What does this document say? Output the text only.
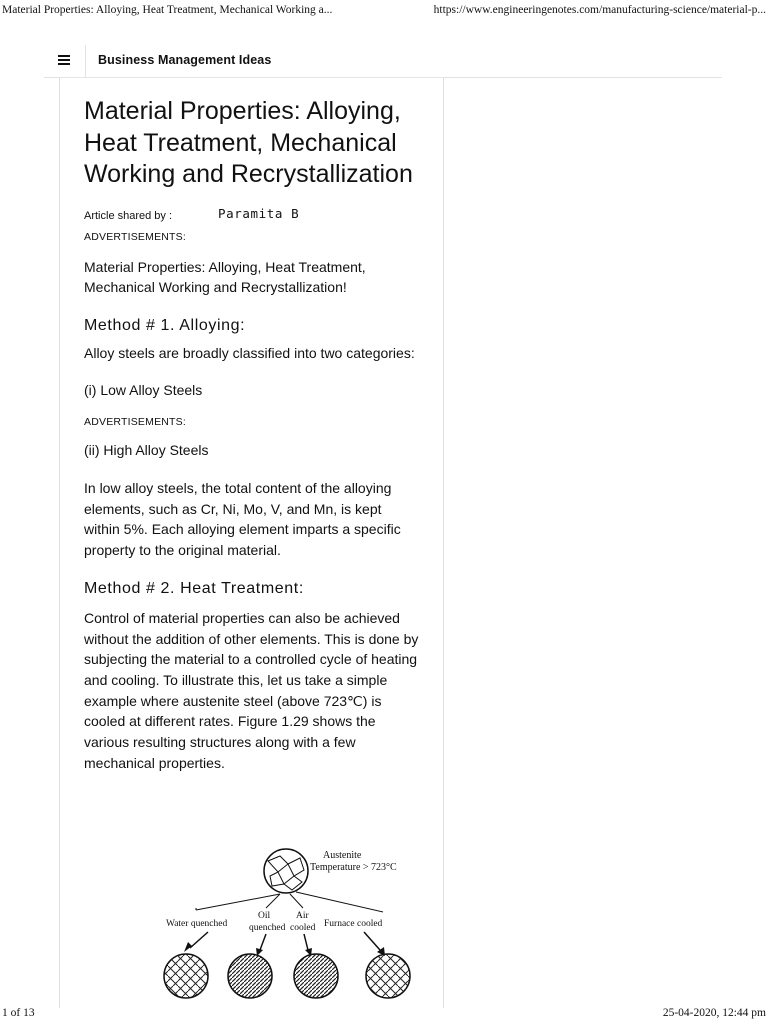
Material Properties: Alloying, Heat Treatment, Mechanical Working a...	https://www.engineeringenotes.com/manufacturing-science/material-p...
Business Management Ideas
Material Properties: Alloying, Heat Treatment, Mechanical Working and Recrystallization
Article shared by :	Paramita B
ADVERTISEMENTS:

Material Properties: Alloying, Heat Treatment, Mechanical Working and Recrystallization!

Method # 1. Alloying:

Alloy steels are broadly classified into two categories:

(i) Low Alloy Steels

ADVERTISEMENTS:

(ii) High Alloy Steels

In low alloy steels, the total content of the alloying elements, such as Cr, Ni, Mo, V, and Mn, is kept within 5%. Each alloying element imparts a specific property to the original material.

Method # 2. Heat Treatment:

Control of material properties can also be achieved without the addition of other elements. This is done by subjecting the material to a controlled cycle of heating and cooling. To illustrate this, let us take a simple example where austenite steel (above 723℃) is cooled at different rates. Figure 1.29 shows the various resulting structures along with a few mechanical properties.

Austenite
Temperature > 723°C
Water quenched
Oil
quenched
Air
cooled Furnace cooled
1 of 13	25-04-2020, 12:44 pm
